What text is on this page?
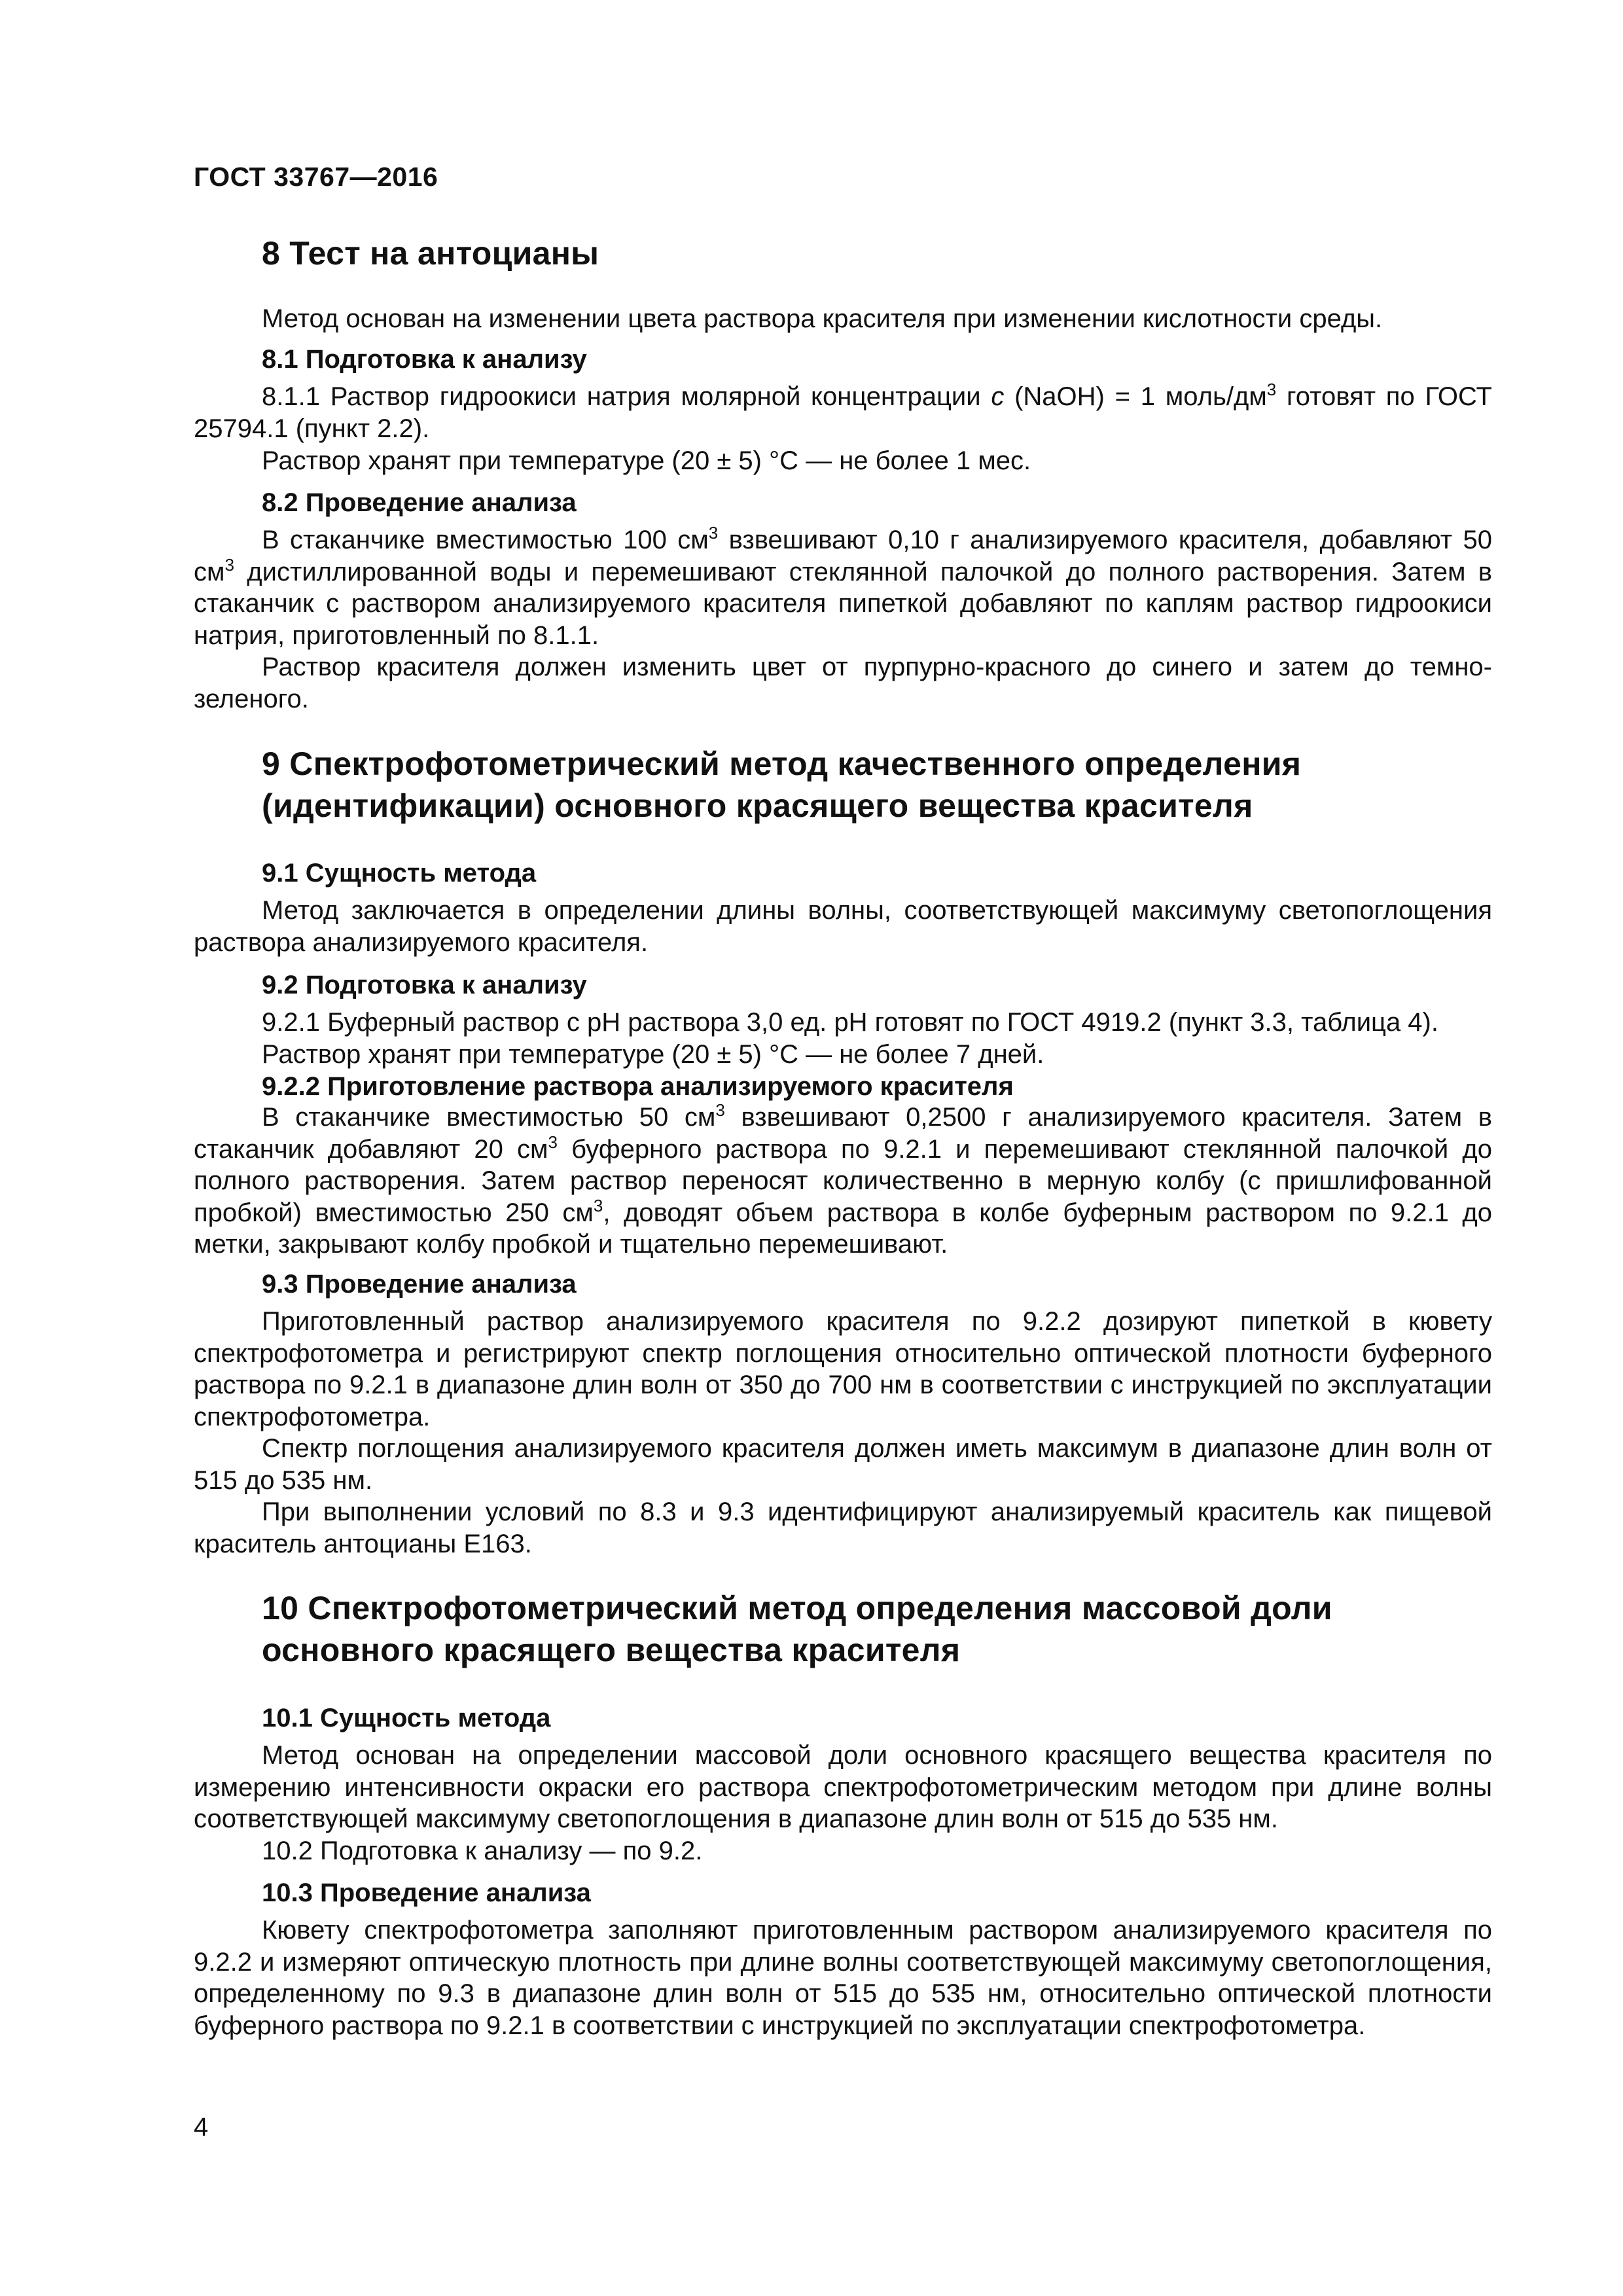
ГОСТ 33767—2016
8 Тест на антоцианы

Метод основан на изменении цвета раствора красителя при изменении кислотности среды.

8.1 Подготовка к анализу

8.1.1 Раствор гидроокиси натрия молярной концентрации c (NaOH) = 1 моль/$дм^3$ готовят по ГОСТ 25794.1 (пункт 2.2).

Раствор хранят при температуре (20 ± 5) °С — не более 1 мес.
8.2 Проведение анализа

В стаканчике вместимостью 100 $см^3$ взвешивают 0,10 г анализируемого красителя, добавляют 50 $см^3$ дистиллированной воды и перемешивают стеклянной палочкой до полного растворения. Затем в стаканчик с раствором анализируемого красителя пипеткой добавляют по каплям раствор гидроокиси натрия, приготовленный по 8.1.1.

Раствор красителя должен изменить цвет от пурпурно-красного до синего и затем до темно-зеленого.

9 Спектрофотометрический метод качественного определения
(идентификации) основного красящего вещества красителя
9.1 Сущность метода

Метод заключается в определении длины волны, соответствующей максимуму светопоглощения раствора анализируемого красителя.

9.2 Подготовка к анализу
9.2.1 Буферный раствор с pH раствора 3,0 ед. pH готовят по ГОСТ 4919.2 (пункт 3.3, таблица 4).
Раствор хранят при температуре (20 ± 5) °С — не более 7 дней.
9.2.2 Приготовление раствора анализируемого красителя

В стаканчике вместимостью 50 $см^3$ взвешивают 0,2500 г анализируемого красителя. Затем в стаканчик добавляют 20 $см^3$ буферного раствора по 9.2.1 и перемешивают стеклянной палочкой до полного растворения. Затем раствор переносят количественно в мерную колбу (с пришлифованной пробкой) вместимостью 250 $см^3$, доводят объем раствора в колбе буферным раствором по 9.2.1 до метки, закрывают колбу пробкой и тщательно перемешивают.

9.3 Проведение анализа

Приготовленный раствор анализируемого красителя по 9.2.2 дозируют пипеткой в кювету спектрофотометра и регистрируют спектр поглощения относительно оптической плотности буферного раствора по 9.2.1 в диапазоне длин волн от 350 до 700 нм в соответствии с инструкцией по эксплуатации спектрофотометра.

Спектр поглощения анализируемого красителя должен иметь максимум в диапазоне длин волн от 515 до 535 нм.

При выполнении условий по 8.3 и 9.3 идентифицируют анализируемый краситель как пищевой краситель антоцианы Е163.

10 Спектрофотометрический метод определения массовой доли
основного красящего вещества красителя
10.1 Сущность метода

Метод основан на определении массовой доли основного красящего вещества красителя по измерению интенсивности окраски его раствора спектрофотометрическим методом при длине волны соответствующей максимуму светопоглощения в диапазоне длин волн от 515 до 535 нм.

10.2 Подготовка к анализу — по 9.2.
10.3 Проведение анализа

Кювету спектрофотометра заполняют приготовленным раствором анализируемого красителя по 9.2.2 и измеряют оптическую плотность при длине волны соответствующей максимуму светопоглощения, определенному по 9.3 в диапазоне длин волн от 515 до 535 нм, относительно оптической плотности буферного раствора по 9.2.1 в соответствии с инструкцией по эксплуатации спектрофотометра.

4
